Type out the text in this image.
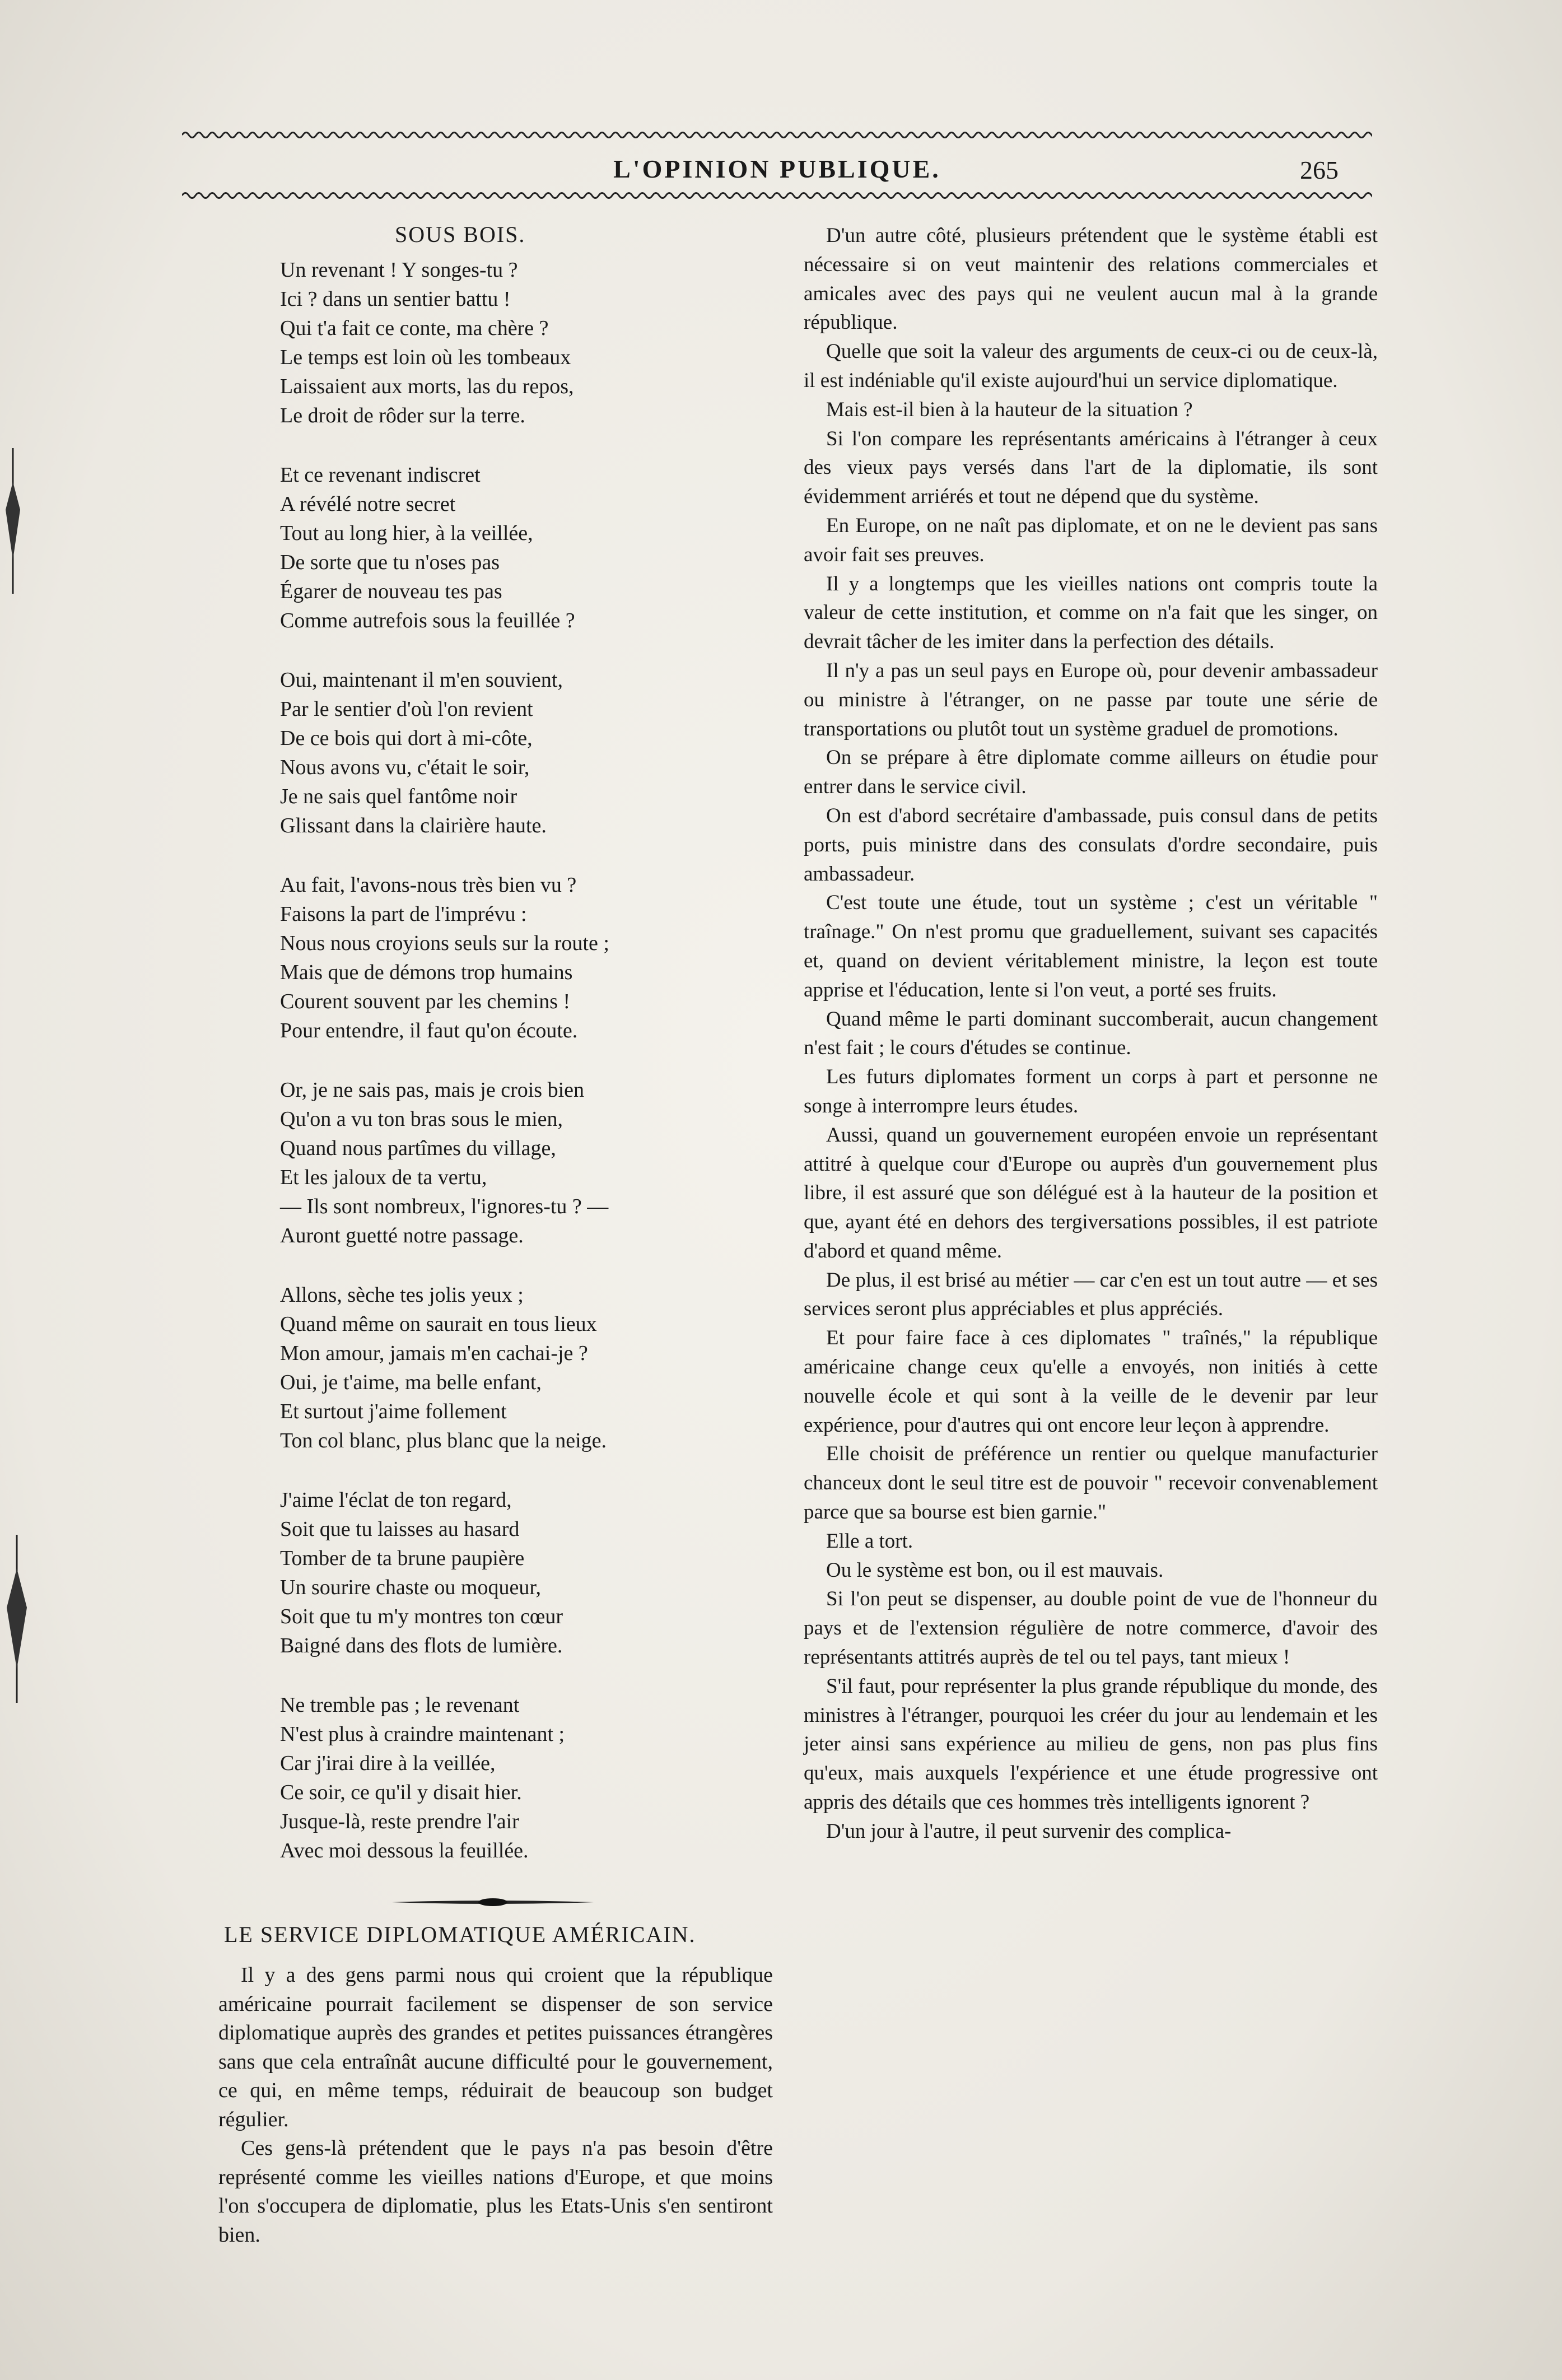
L'OPINION PUBLIQUE.	265
SOUS BOIS.
Un revenant ! Y songes-tu ?
Ici ? dans un sentier battu !
Qui t'a fait ce conte, ma chère ?
Le temps est loin où les tombeaux
Laissaient aux morts, las du repos,
Le droit de rôder sur la terre.
Et ce revenant indiscret
A révélé notre secret
Tout au long hier, à la veillée,
De sorte que tu n'oses pas
Égarer de nouveau tes pas
Comme autrefois sous la feuillée ?
Oui, maintenant il m'en souvient,
Par le sentier d'où l'on revient
De ce bois qui dort à mi-côte,
Nous avons vu, c'était le soir,
Je ne sais quel fantôme noir
Glissant dans la clairière haute.
Au fait, l'avons-nous très bien vu ?
Faisons la part de l'imprévu :
Nous nous croyions seuls sur la route ;
Mais que de démons trop humains
Courent souvent par les chemins !
Pour entendre, il faut qu'on écoute.
Or, je ne sais pas, mais je crois bien
Qu'on a vu ton bras sous le mien,
Quand nous partîmes du village,
Et les jaloux de ta vertu,
— Ils sont nombreux, l'ignores-tu ? —
Auront guetté notre passage.
Allons, sèche tes jolis yeux ;
Quand même on saurait en tous lieux
Mon amour, jamais m'en cachai-je ?
Oui, je t'aime, ma belle enfant,
Et surtout j'aime follement
Ton col blanc, plus blanc que la neige.
J'aime l'éclat de ton regard,
Soit que tu laisses au hasard
Tomber de ta brune paupière
Un sourire chaste ou moqueur,
Soit que tu m'y montres ton cœur
Baigné dans des flots de lumière.
Ne tremble pas ; le revenant
N'est plus à craindre maintenant ;
Car j'irai dire à la veillée,
Ce soir, ce qu'il y disait hier.
Jusque-là, reste prendre l'air
Avec moi dessous la feuillée.
LE SERVICE DIPLOMATIQUE AMÉRICAIN.

Il y a des gens parmi nous qui croient que la république américaine pourrait facilement se dispenser de son service diplomatique auprès des grandes et petites puissances étrangères sans que cela entraînât aucune difficulté pour le gouvernement, ce qui, en même temps, réduirait de beaucoup son budget régulier.

Ces gens-là prétendent que le pays n'a pas besoin d'être représenté comme les vieilles nations d'Europe, et que moins l'on s'occupera de diplomatie, plus les Etats-Unis s'en sentiront bien.

D'un autre côté, plusieurs prétendent que le système établi est nécessaire si on veut maintenir des relations commerciales et amicales avec des pays qui ne veulent aucun mal à la grande république.

Quelle que soit la valeur des arguments de ceux-ci ou de ceux-là, il est indéniable qu'il existe aujourd'hui un service diplomatique.

Mais est-il bien à la hauteur de la situation ?

Si l'on compare les représentants américains à l'étranger à ceux des vieux pays versés dans l'art de la diplomatie, ils sont évidemment arriérés et tout ne dépend que du système.

En Europe, on ne naît pas diplomate, et on ne le devient pas sans avoir fait ses preuves.

Il y a longtemps que les vieilles nations ont compris toute la valeur de cette institution, et comme on n'a fait que les singer, on devrait tâcher de les imiter dans la perfection des détails.

Il n'y a pas un seul pays en Europe où, pour devenir ambassadeur ou ministre à l'étranger, on ne passe par toute une série de transportations ou plutôt tout un système graduel de promotions.

On se prépare à être diplomate comme ailleurs on étudie pour entrer dans le service civil.

On est d'abord secrétaire d'ambassade, puis consul dans de petits ports, puis ministre dans des consulats d'ordre secondaire, puis ambassadeur.

C'est toute une étude, tout un système ; c'est un véritable " traînage." On n'est promu que graduellement, suivant ses capacités et, quand on devient véritablement ministre, la leçon est toute apprise et l'éducation, lente si l'on veut, a porté ses fruits.

Quand même le parti dominant succomberait, aucun changement n'est fait ; le cours d'études se continue.

Les futurs diplomates forment un corps à part et personne ne songe à interrompre leurs études.

Aussi, quand un gouvernement européen envoie un représentant attitré à quelque cour d'Europe ou auprès d'un gouvernement plus libre, il est assuré que son délégué est à la hauteur de la position et que, ayant été en dehors des tergiversations possibles, il est patriote d'abord et quand même.

De plus, il est brisé au métier — car c'en est un tout autre — et ses services seront plus appréciables et plus appréciés.

Et pour faire face à ces diplomates " traînés," la république américaine change ceux qu'elle a envoyés, non initiés à cette nouvelle école et qui sont à la veille de le devenir par leur expérience, pour d'autres qui ont encore leur leçon à apprendre.

Elle choisit de préférence un rentier ou quelque manufacturier chanceux dont le seul titre est de pouvoir " recevoir convenablement parce que sa bourse est bien garnie."

Elle a tort.

Ou le système est bon, ou il est mauvais.

Si l'on peut se dispenser, au double point de vue de l'honneur du pays et de l'extension régulière de notre commerce, d'avoir des représentants attitrés auprès de tel ou tel pays, tant mieux !

S'il faut, pour représenter la plus grande république du monde, des ministres à l'étranger, pourquoi les créer du jour au lendemain et les jeter ainsi sans expérience au milieu de gens, non pas plus fins qu'eux, mais auxquels l'expérience et une étude progressive ont appris des détails que ces hommes très intelligents ignorent ?

D'un jour à l'autre, il peut survenir des complica-
